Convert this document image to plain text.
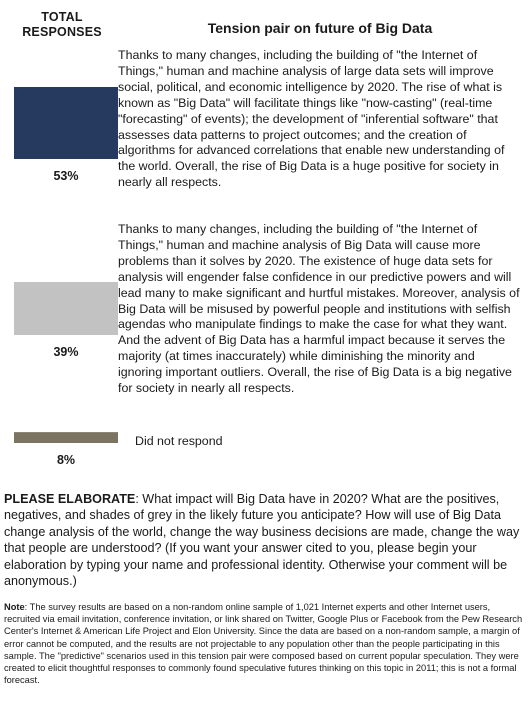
TOTAL
RESPONSES	Tension pair on future of Big Data
Thanks to many changes, including the building of "the Internet of Things," human and machine analysis of large data sets will improve social, political, and economic intelligence by 2020. The rise of what is known as "Big Data" will facilitate things like "now-casting" (real-time "forecasting" of events); the development of "inferential software" that assesses data patterns to project outcomes; and the creation of algorithms for advanced correlations that enable new understanding of the world. Overall, the rise of Big Data is a huge positive for society in nearly all respects.
Thanks to many changes, including the building of "the Internet of Things," human and machine analysis of Big Data will cause more problems than it solves by 2020. The existence of huge data sets for analysis will engender false confidence in our predictive powers and will lead many to make significant and hurtful mistakes. Moreover, analysis of Big Data will be misused by powerful people and institutions with selfish agendas who manipulate findings to make the case for what they want. And the advent of Big Data has a harmful impact because it serves the majority (at times inaccurately) while diminishing the minority and ignoring important outliers. Overall, the rise of Big Data is a big negative for society in nearly all respects.
Did not respond
53%
39%
8%
PLEASE ELABORATE: What impact will Big Data have in 2020? What are the positives, negatives, and shades of grey in the likely future you anticipate? How will use of Big Data change analysis of the world, change the way business decisions are made, change the way that people are understood? (If you want your answer cited to you, please begin your elaboration by typing your name and professional identity. Otherwise your comment will be anonymous.)
Note: The survey results are based on a non-random online sample of 1,021 Internet experts and other Internet users, recruited via email invitation, conference invitation, or link shared on Twitter, Google Plus or Facebook from the Pew Research Center's Internet & American Life Project and Elon University. Since the data are based on a non-random sample, a margin of error cannot be computed, and the results are not projectable to any population other than the people participating in this sample. The "predictive" scenarios used in this tension pair were composed based on current popular speculation. They were created to elicit thoughtful responses to commonly found speculative futures thinking on this topic in 2011; this is not a formal forecast.
